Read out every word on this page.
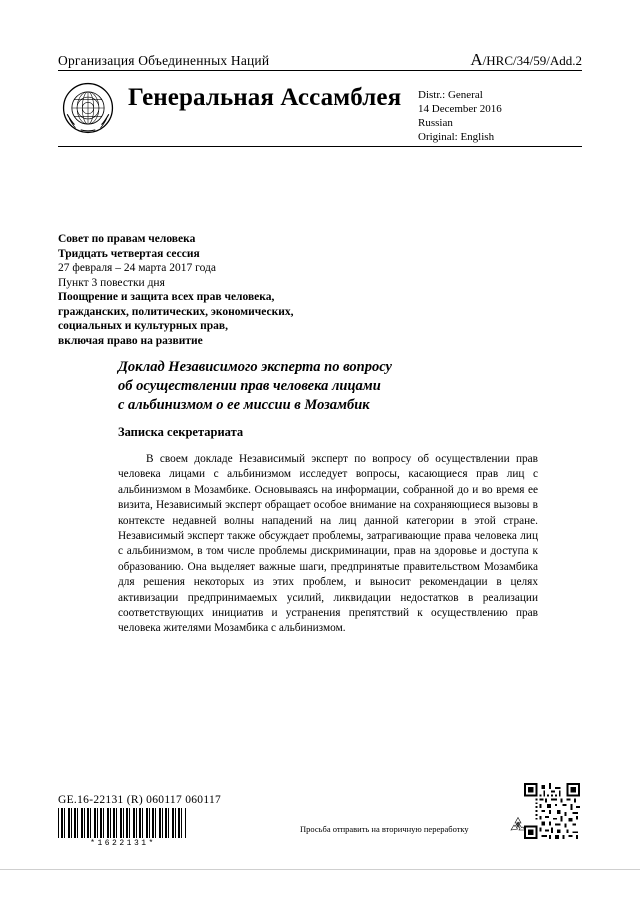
Организация Объединенных Наций	A/HRC/34/59/Add.2
Генеральная Ассамблея Distr.: General
14 December 2016
Russian
Original: English
Совет по правам человека
Тридцать четвертая сессия
27 февраля – 24 марта 2017 года
Пункт 3 повестки дня
Поощрение и защита всех прав человека,
гражданских, политических, экономических,
социальных и культурных прав,
включая право на развитие
Доклад Независимого эксперта по вопросу
об осуществлении прав человека лицами
с альбинизмом о ее миссии в Мозамбик
Записка секретариата
В своем докладе Независимый эксперт по вопросу об осуществлении прав человека лицами с альбинизмом исследует вопросы, касающиеся прав лиц с альбинизмом в Мозамбике. Основываясь на информации, собранной до и во время ее визита, Независимый эксперт обращает особое внимание на сохраняющиеся вызовы в контексте недавней волны нападений на лиц данной категории в этой стране. Независимый эксперт также обсуждает проблемы, затрагивающие права человека лиц с альбинизмом, в том числе проблемы дискриминации, прав на здоровье и доступа к образованию. Она выделяет важные шаги, предпринятые правительством Мозамбика для решения некоторых из этих проблем, и выносит рекомендации в целях активизации предпринимаемых усилий, ликвидации недостатков в реализации соответствующих инициатив и устранения препятствий к осуществлению прав человека жителями Мозамбика с альбинизмом.
GE.16-22131 (R) 060117 060117
*1622131*
Просьба отправить на вторичную переработку
